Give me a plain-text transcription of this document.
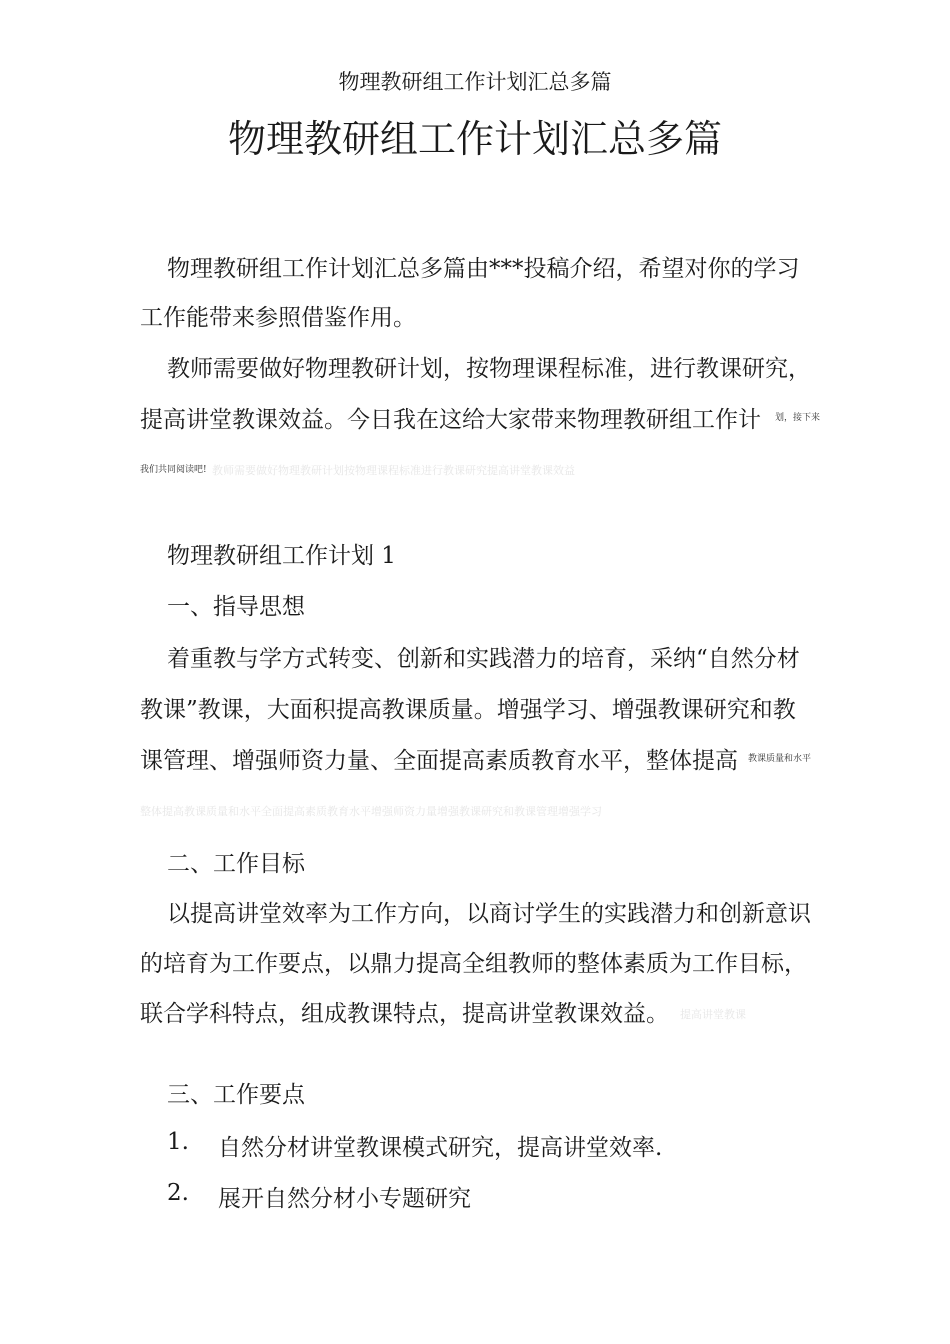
物理教研组工作计划汇总多篇
物理教研组工作计划汇总多篇
物理教研组工作计划汇总多篇由***投稿介绍，希望对你的学习
工作能带来参照借鉴作用。
教师需要做好物理教研计划，按物理课程标准，进行教课研究，
提高讲堂教课效益。今日我在这给大家带来物理教研组工作计 划，接下来
我们共同阅读吧! 教师需要做好物理教研计划按物理课程标准进行教课研究提高讲堂教课效益
物理教研组工作计划 1
一、指导思想
着重教与学方式转变、创新和实践潜力的培育，采纳“自然分材
教课”教课，大面积提高教课质量。增强学习、增强教课研究和教
课管理、增强师资力量、全面提高素质教育水平，整体提高 教课质量和水平
整体提高教课质量和水平全面提高素质教育水平增强师资力量增强教课研究和教课管理增强学习
二、工作目标
以提高讲堂效率为工作方向，以商讨学生的实践潜力和创新意识
的培育为工作要点，以鼎力提高全组教师的整体素质为工作目标，
联合学科特点，组成教课特点，提高讲堂教课效益。 提高讲堂教课
三、工作要点
1. 自然分材讲堂教课模式研究，提高讲堂效率.
2. 展开自然分材小专题研究
